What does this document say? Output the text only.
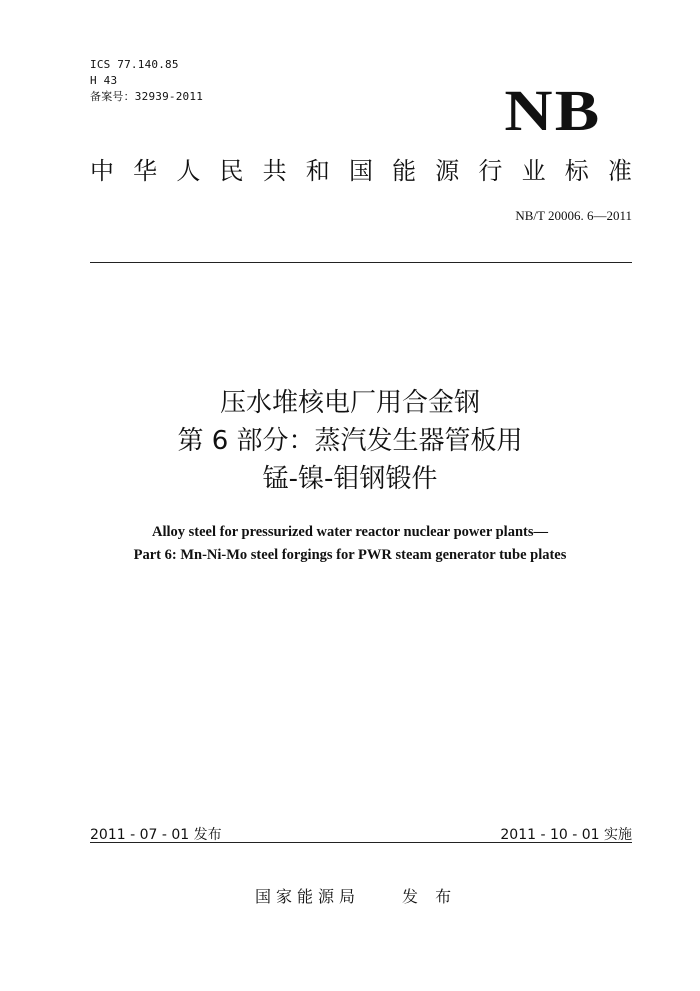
ICS 77.140.85
H 43
备案号：32939-2011	NB
中 华 人 民 共 和 国 能 源 行 业 标 准
NB/T 20006. 6—2011
压水堆核电厂用合金钢
第 6 部分：蒸汽发生器管板用
锰-镍-钼钢锻件
Alloy steel for pressurized water reactor nuclear power plants—
Part 6: Mn-Ni-Mo steel forgings for PWR steam generator tube plates
2011 - 07 - 01 发布	2011 - 10 - 01 实施
国家能源局	发 布
